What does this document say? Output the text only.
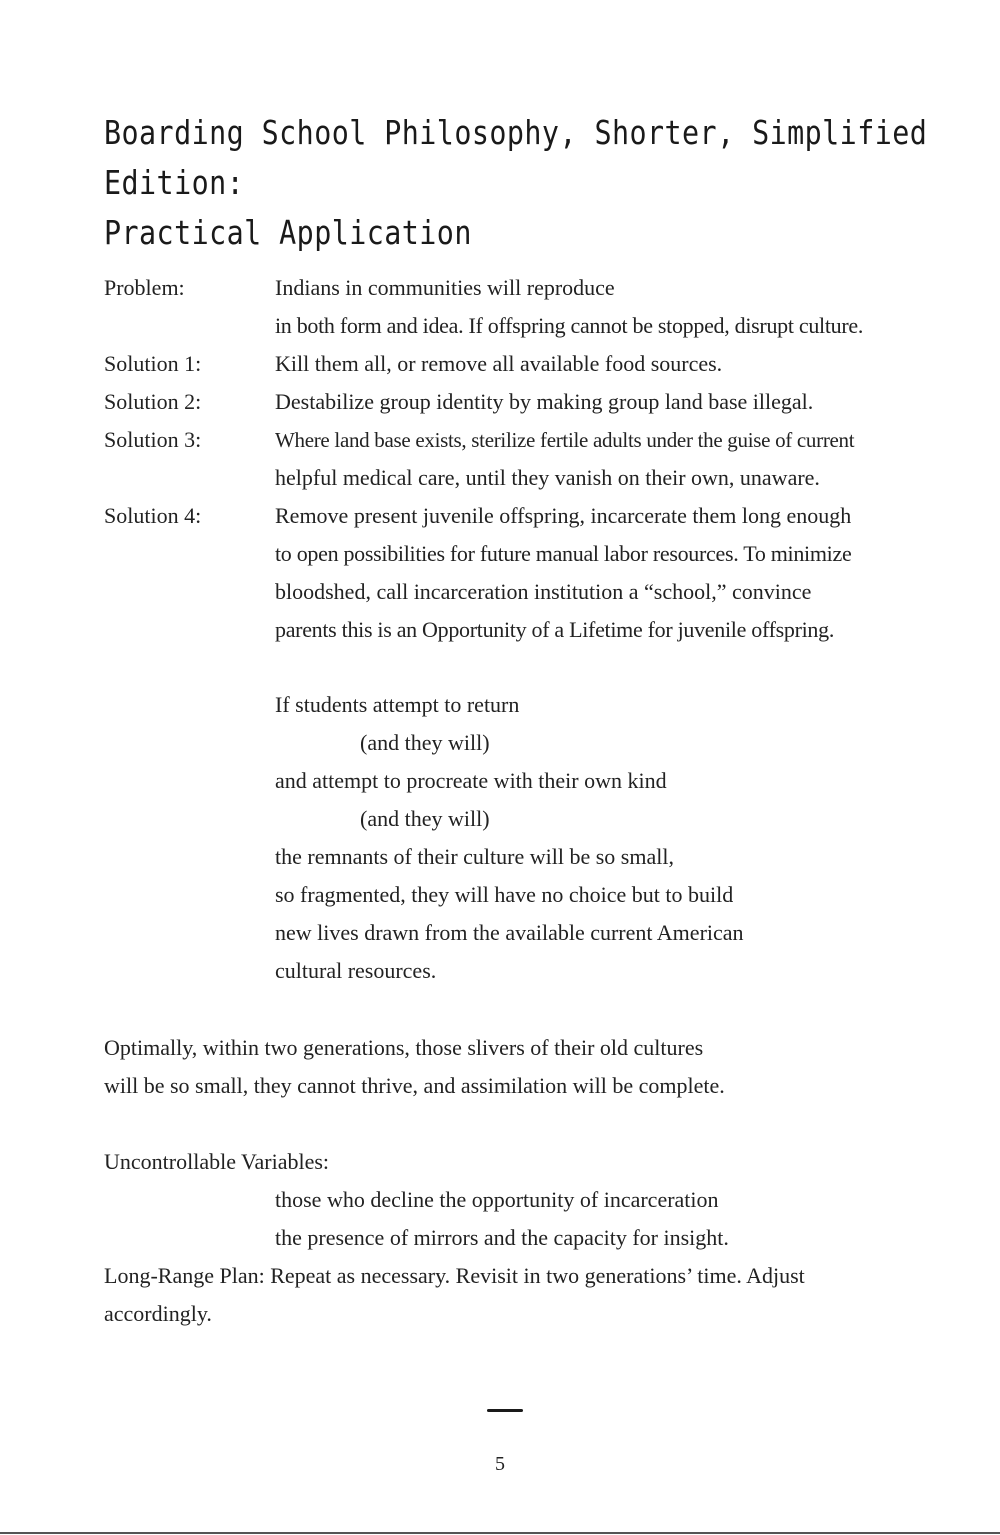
Boarding School Philosophy, Shorter, Simplified Edition:
Practical Application

Problem:	Indians in communities will reproduce

in both form and idea. If offspring cannot be stopped, disrupt culture.

Solution 1:	Kill them all, or remove all available food sources.

Solution 2:	Destabilize group identity by making group land base illegal.

Solution 3:	Where land base exists, sterilize fertile adults under the guise of current

helpful medical care, until they vanish on their own, unaware.

Solution 4:	Remove present juvenile offspring, incarcerate them long enough

to open possibilities for future manual labor resources. To minimize

bloodshed, call incarceration institution a “school,” convince

parents this is an Opportunity of a Lifetime for juvenile offspring.

If students attempt to return

(and they will)

and attempt to procreate with their own kind

(and they will)

the remnants of their culture will be so small,

so fragmented, they will have no choice but to build

new lives drawn from the available current American

cultural resources.

Optimally, within two generations, those slivers of their old cultures

will be so small, they cannot thrive, and assimilation will be complete.

Uncontrollable Variables:

those who decline the opportunity of incarceration

the presence of mirrors and the capacity for insight.

Long-Range Plan: Repeat as necessary. Revisit in two generations’ time. Adjust

accordingly.

5
